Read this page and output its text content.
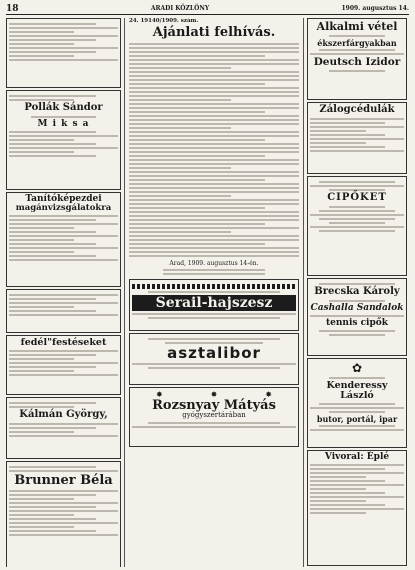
18	ARADI KÖZLÖNY	1909. augusztus 14.
Pollák Sándor
M i k s a
Tanítóképezdei
magánvizsgálatokra
fedél"festéseket
Kálmán György,
Brunner Béla
24. 19140/1909. szám.
Ajánlati felhívás.
Arad, 1909. augusztus 14-én.
Serail-hajszesz
asztalibor
✸	✸	✸
Rozsnyay Mátyás
gyógyszertárában
Alkalmi vétel
ékszerfárgyakban
Deutsch Izidor
Zálogcédulák
CIPŐKET
Brecska Károly
Cashalla Sandalok
tennis cipők
✿
Kenderessy László
butor, portál, ipar
Vivoral: Éplé
